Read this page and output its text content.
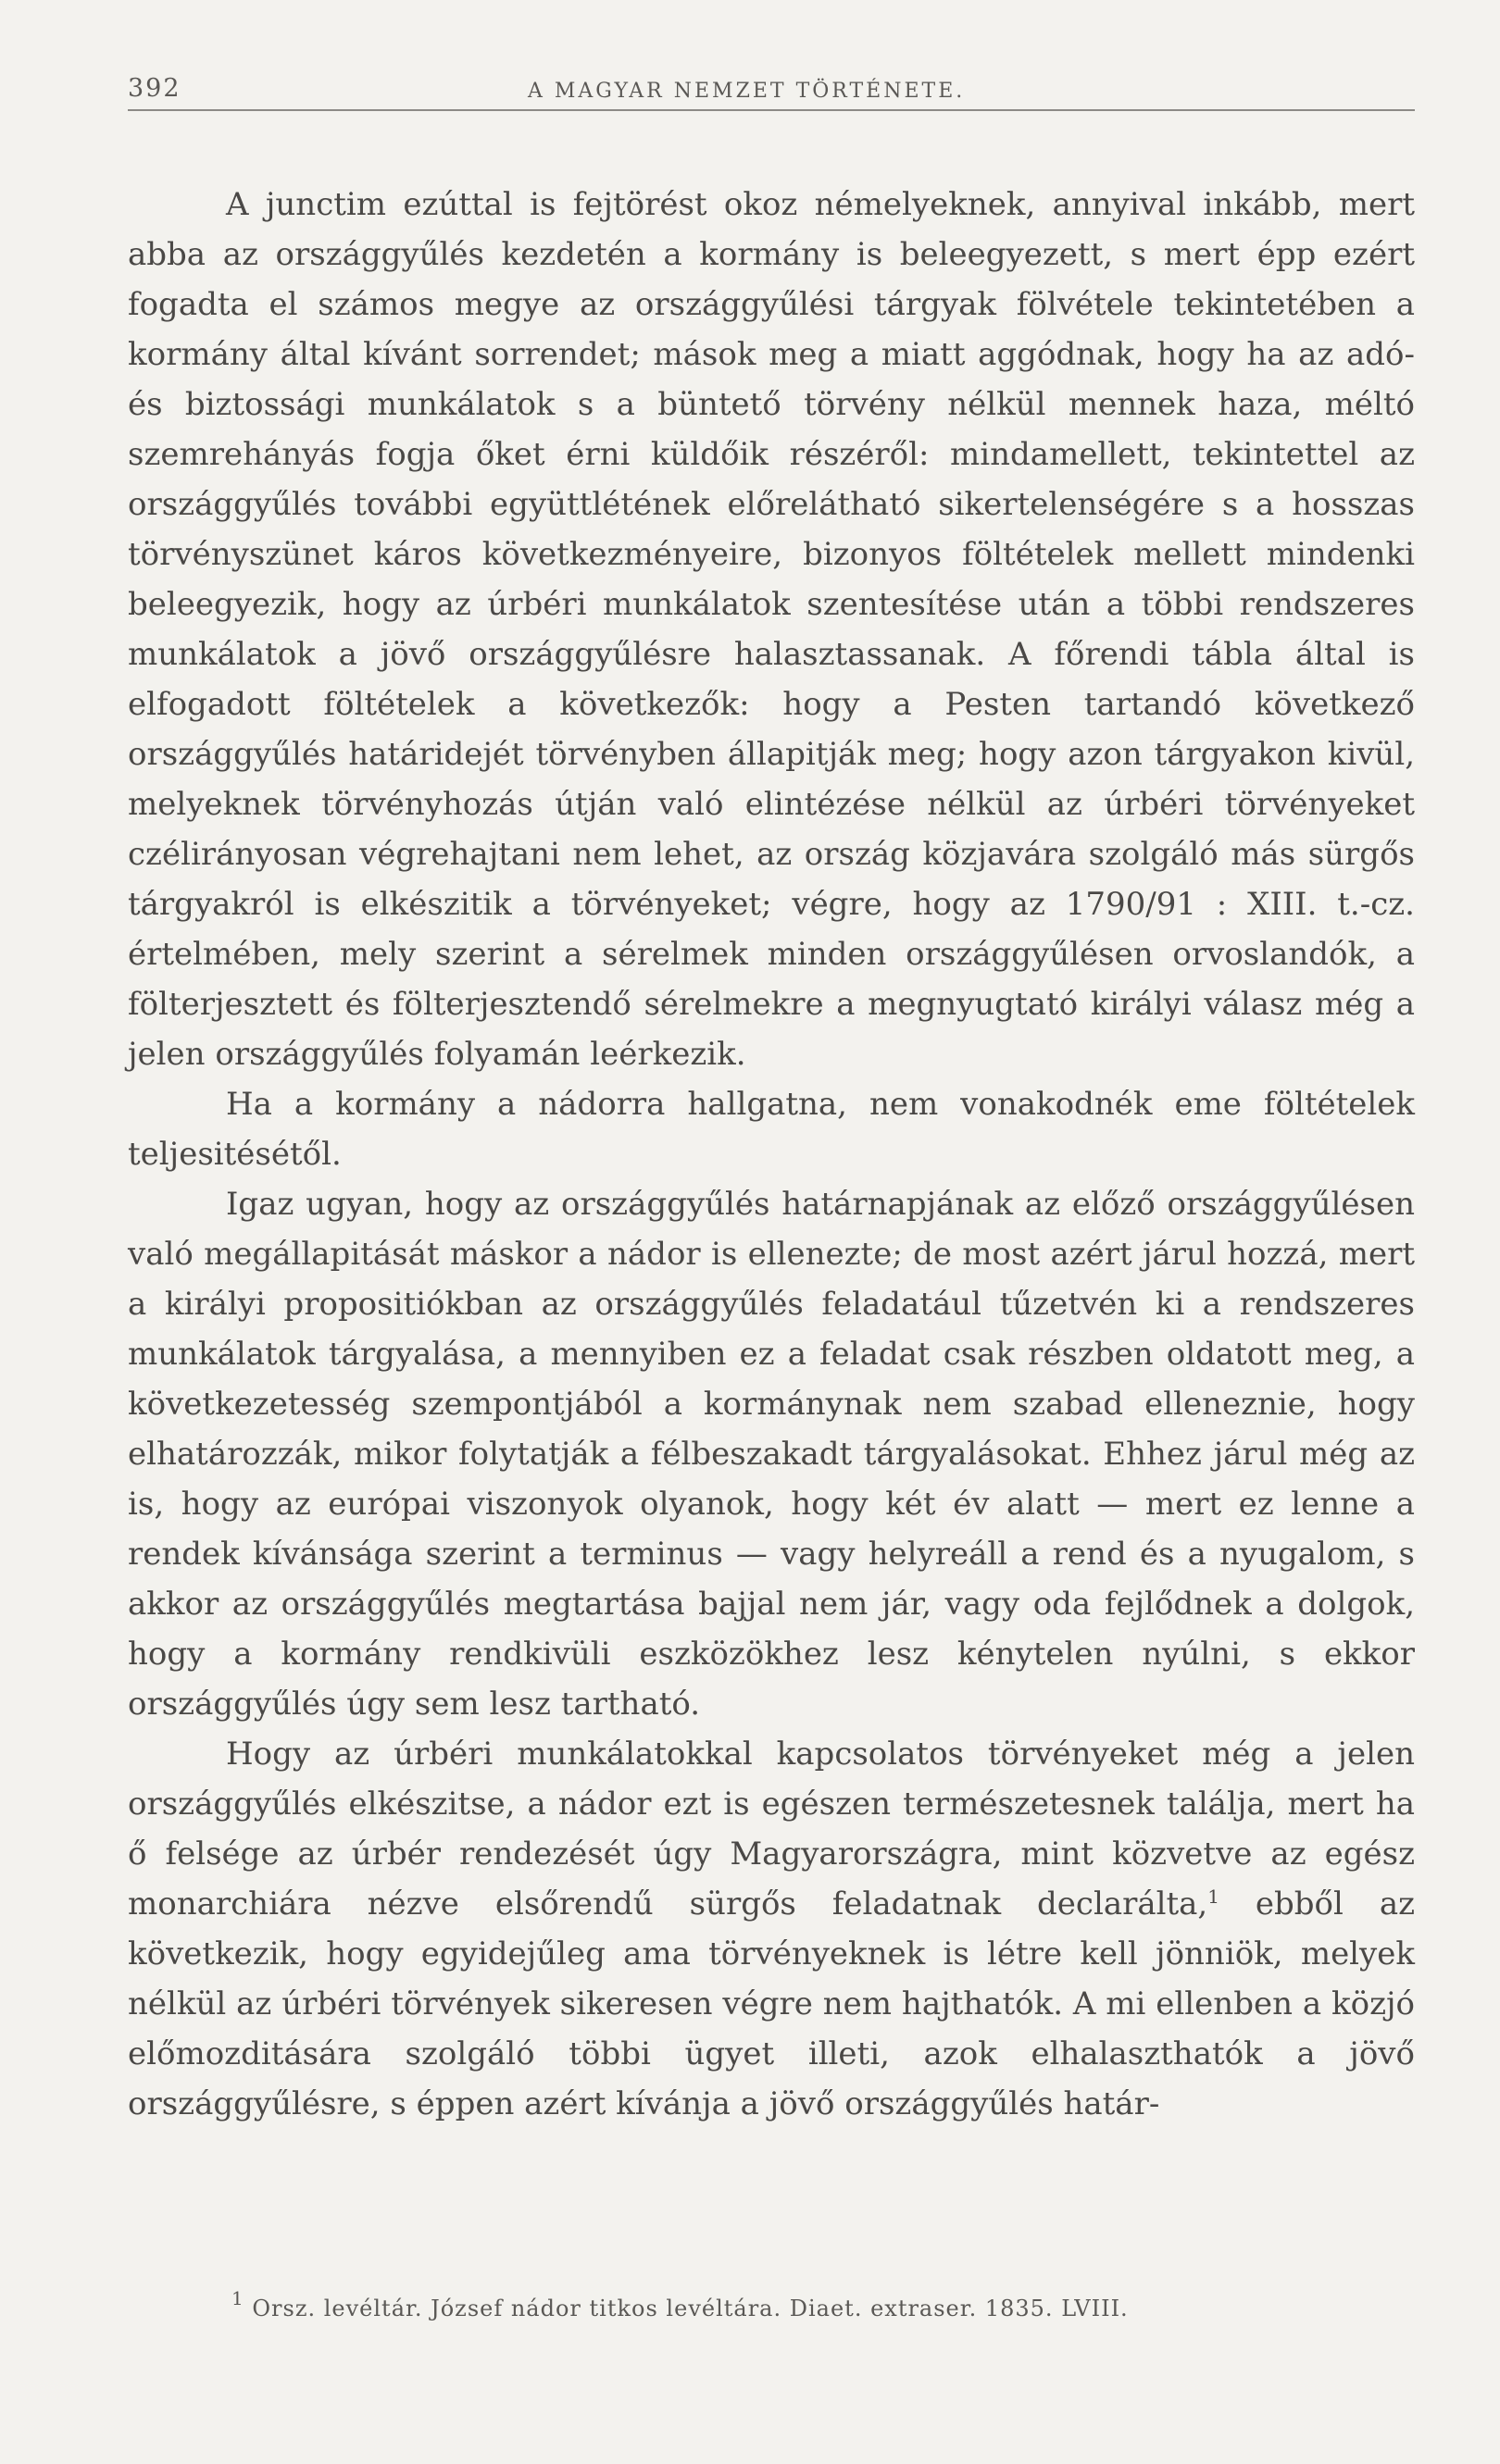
392	A MAGYAR NEMZET TÖRTÉNETE.

A junctim ezúttal is fejtörést okoz némelyeknek, annyival inkább, mert abba az országgyűlés kezdetén a kormány is beleegyezett, s mert épp ezért fogadta el számos megye az országgyűlési tárgyak fölvétele tekintetében a kormány által kívánt sorrendet; mások meg a miatt aggódnak, hogy ha az adó- és biztossági munkálatok s a büntető törvény nélkül mennek haza, méltó szemrehányás fogja őket érni küldőik részéről: mindamellett, tekintettel az országgyűlés további együttlétének előrelátható sikertelenségére s a hosszas törvényszünet káros következményeire, bizonyos föltételek mellett mindenki beleegyezik, hogy az úrbéri munkálatok szentesítése után a többi rendszeres munkálatok a jövő országgyűlésre halasztassanak. A főrendi tábla által is elfogadott föltételek a következők: hogy a Pesten tartandó következő országgyűlés határidejét törvényben állapitják meg; hogy azon tárgyakon kivül, melyeknek törvényhozás útján való elintézése nélkül az úrbéri törvényeket czélirányosan végrehajtani nem lehet, az ország közjavára szolgáló más sürgős tárgyakról is elkészitik a törvényeket; végre, hogy az 1790/91 : XIII. t.-cz. értelmében, mely szerint a sérelmek minden országgyűlésen orvoslandók, a fölterjesztett és fölterjesztendő sérelmekre a megnyugtató királyi válasz még a jelen országgyűlés folyamán leérkezik.

Ha a kormány a nádorra hallgatna, nem vonakodnék eme föltételek teljesitésétől.

Igaz ugyan, hogy az országgyűlés határnapjának az előző országgyűlésen való megállapitását máskor a nádor is ellenezte; de most azért járul hozzá, mert a királyi propositiókban az országgyűlés feladatául tűzetvén ki a rendszeres munkálatok tárgyalása, a mennyiben ez a feladat csak részben oldatott meg, a következetesség szempontjából a kormánynak nem szabad elleneznie, hogy elhatározzák, mikor folytatják a félbeszakadt tárgyalásokat. Ehhez járul még az is, hogy az európai viszonyok olyanok, hogy két év alatt — mert ez lenne a rendek kívánsága szerint a terminus — vagy helyreáll a rend és a nyugalom, s akkor az országgyűlés megtartása bajjal nem jár, vagy oda fejlődnek a dolgok, hogy a kormány rendkivüli eszközökhez lesz kénytelen nyúlni, s ekkor országgyűlés úgy sem lesz tartható.

Hogy az úrbéri munkálatokkal kapcsolatos törvényeket még a jelen országgyűlés elkészitse, a nádor ezt is egészen természetesnek találja, mert ha ő felsége az úrbér rendezését úgy Magyarországra, mint közvetve az egész monarchiára nézve elsőrendű sürgős feladatnak declarálta,$^1$ ebből az következik, hogy egyidejűleg ama törvényeknek is létre kell jönniök, melyek nélkül az úrbéri törvények sikeresen végre nem hajthatók. A mi ellenben a közjó előmozditására szolgáló többi ügyet illeti, azok elhalaszthatók a jövő országgyűlésre, s éppen azért kívánja a jövő országgyűlés határ-

$^1$ Orsz. levéltár. József nádor titkos levéltára. Diaet. extraser. 1835. LVIII.
